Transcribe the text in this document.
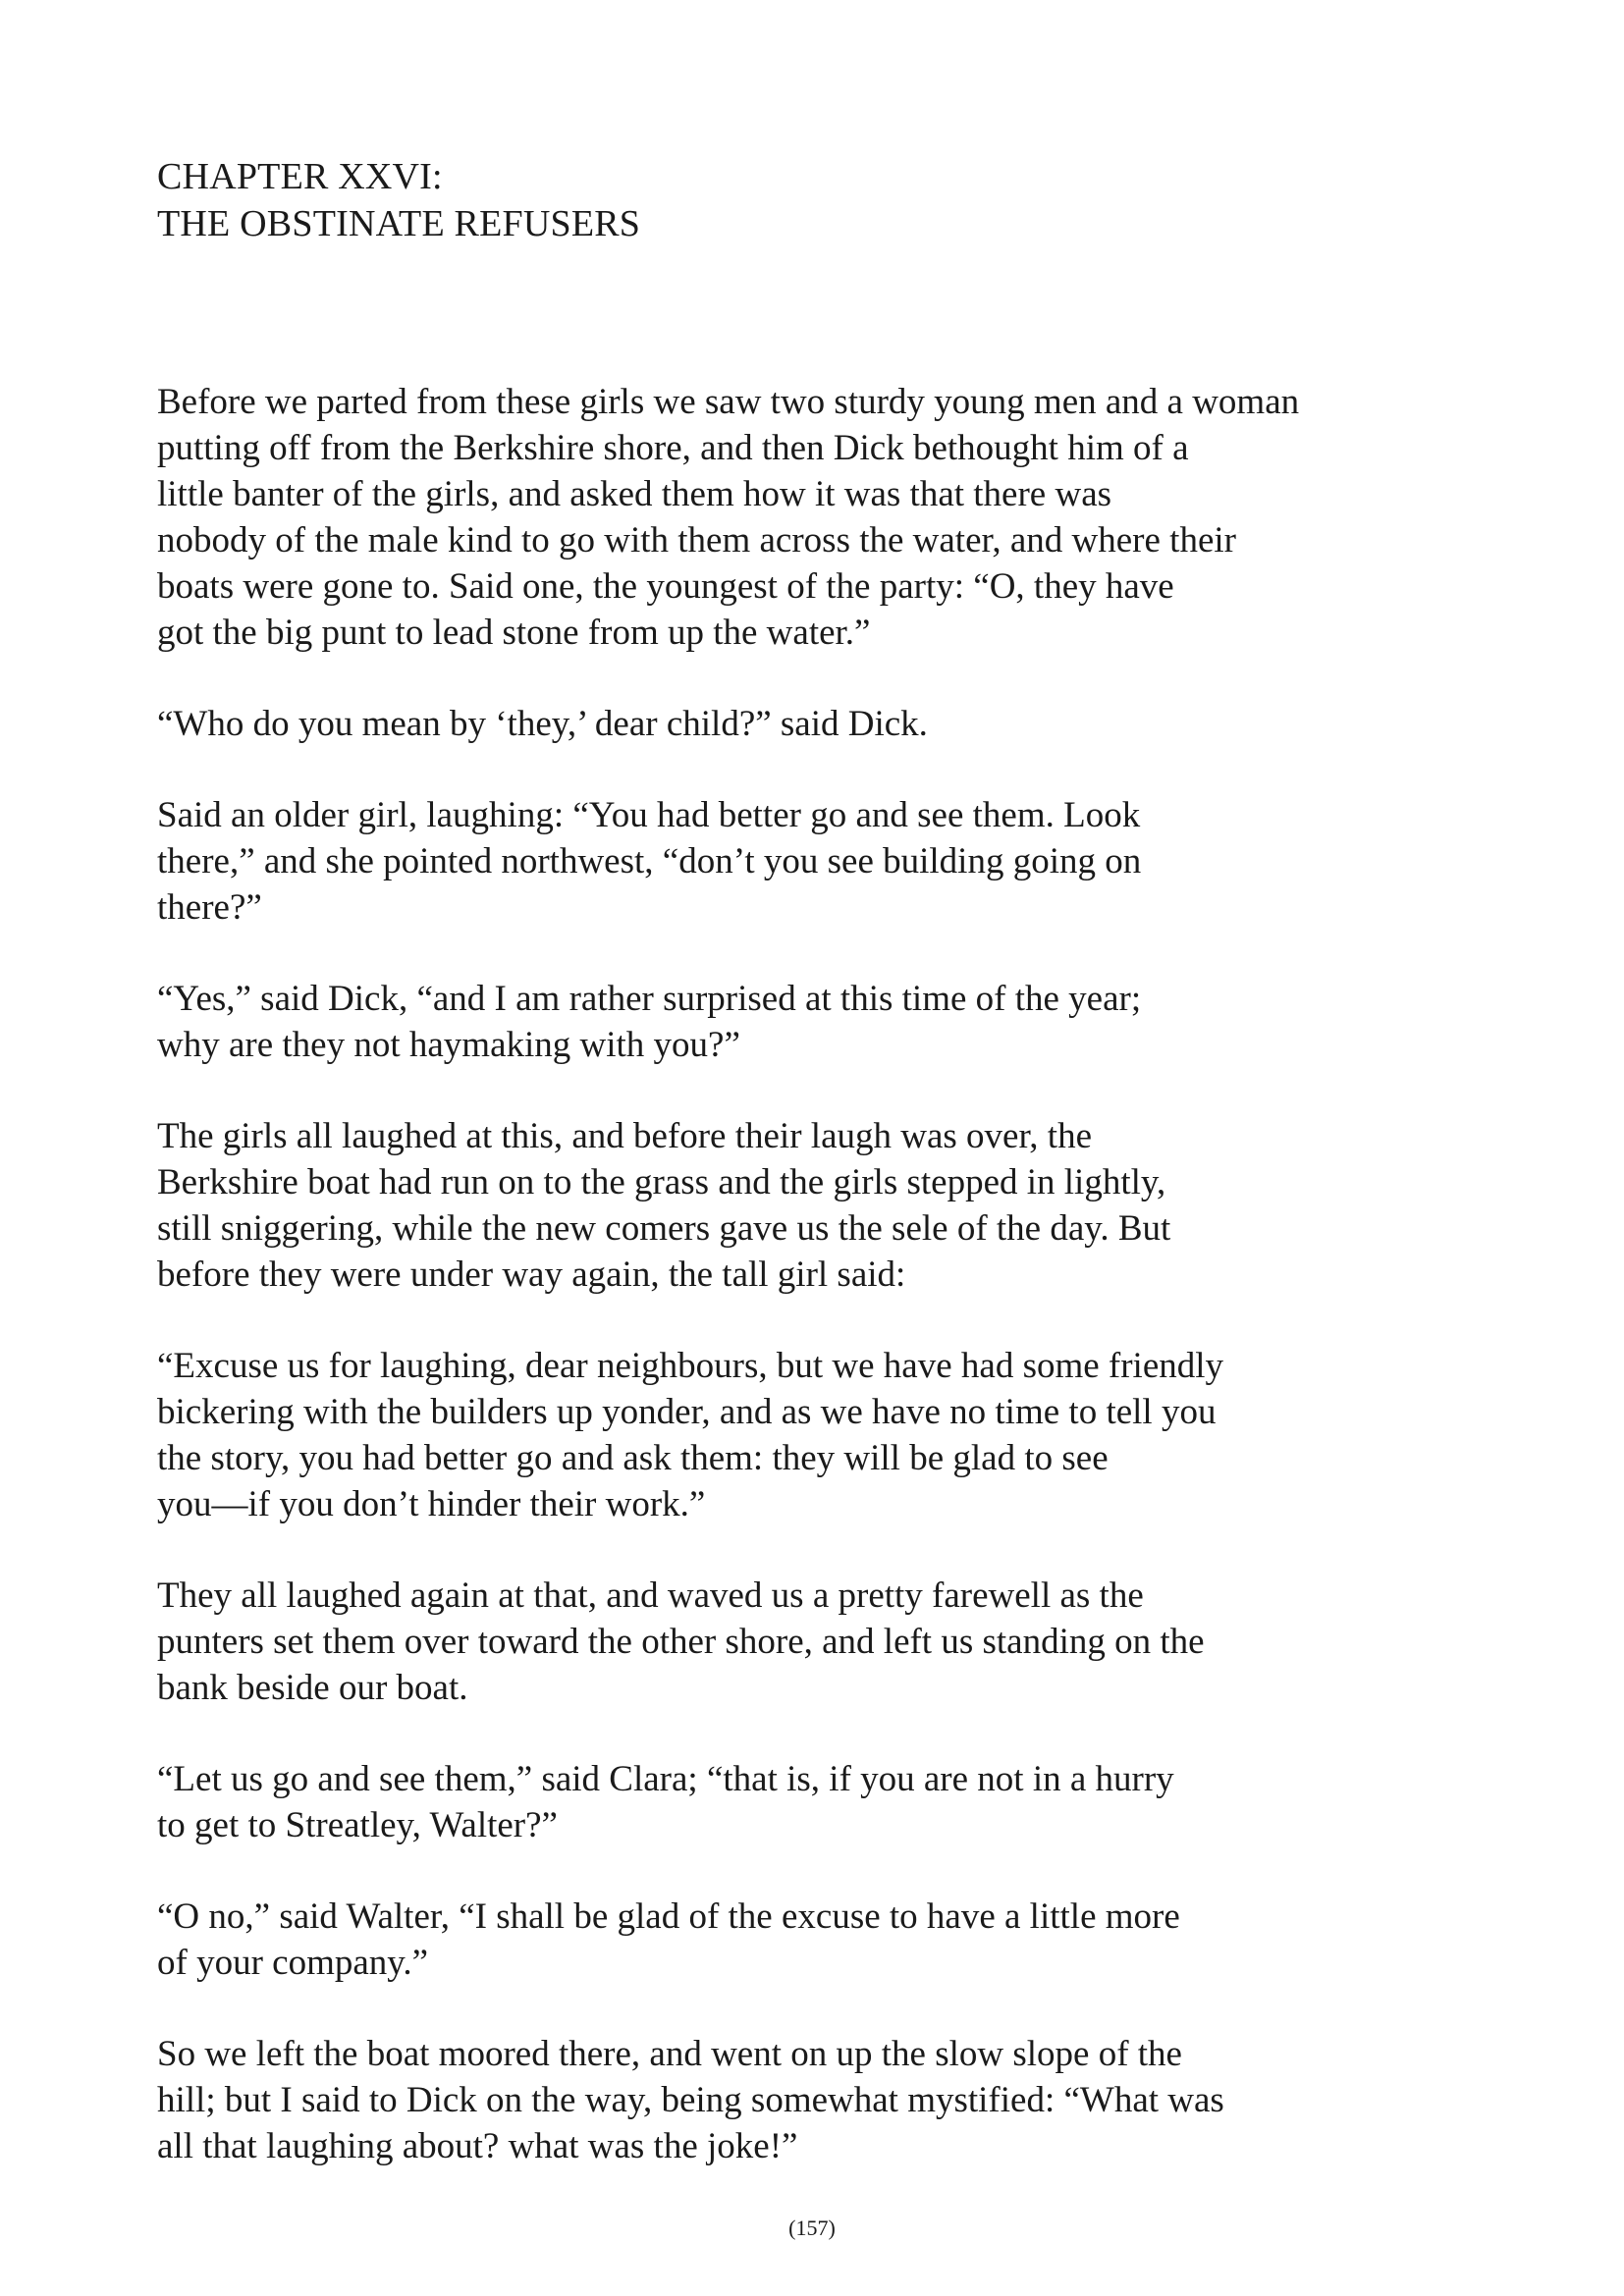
CHAPTER XXVI:
THE OBSTINATE REFUSERS

Before we parted from these girls we saw two sturdy young men and a woman
putting off from the Berkshire shore, and then Dick bethought him of a
little banter of the girls, and asked them how it was that there was
nobody of the male kind to go with them across the water, and where their
boats were gone to. Said one, the youngest of the party: “O, they have
got the big punt to lead stone from up the water.”

“Who do you mean by ‘they,’ dear child?” said Dick.

Said an older girl, laughing: “You had better go and see them. Look
there,” and she pointed northwest, “don’t you see building going on
there?”

“Yes,” said Dick, “and I am rather surprised at this time of the year;
why are they not haymaking with you?”

The girls all laughed at this, and before their laugh was over, the
Berkshire boat had run on to the grass and the girls stepped in lightly,
still sniggering, while the new comers gave us the sele of the day. But
before they were under way again, the tall girl said:

“Excuse us for laughing, dear neighbours, but we have had some friendly
bickering with the builders up yonder, and as we have no time to tell you
the story, you had better go and ask them: they will be glad to see
you—if you don’t hinder their work.”

They all laughed again at that, and waved us a pretty farewell as the
punters set them over toward the other shore, and left us standing on the
bank beside our boat.

“Let us go and see them,” said Clara; “that is, if you are not in a hurry
to get to Streatley, Walter?”

“O no,” said Walter, “I shall be glad of the excuse to have a little more
of your company.”

So we left the boat moored there, and went on up the slow slope of the
hill; but I said to Dick on the way, being somewhat mystified: “What was
all that laughing about? what was the joke!”

(157)
